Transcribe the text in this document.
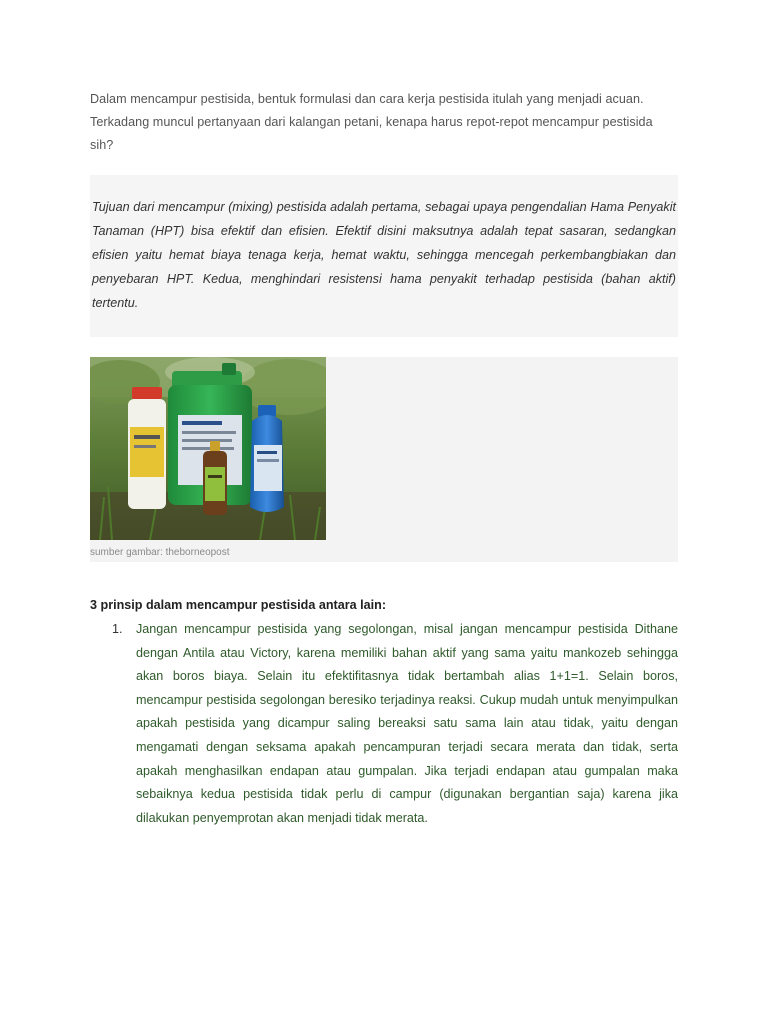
Dalam mencampur pestisida, bentuk formulasi dan cara kerja pestisida itulah yang menjadi acuan. Terkadang muncul pertanyaan dari kalangan petani, kenapa harus repot-repot mencampur pestisida sih?

Tujuan dari mencampur (mixing) pestisida adalah pertama, sebagai upaya pengendalian Hama Penyakit Tanaman (HPT) bisa efektif dan efisien. Efektif disini maksutnya adalah tepat sasaran, sedangkan efisien yaitu hemat biaya tenaga kerja, hemat waktu, sehingga mencegah perkembangbiakan dan penyebaran HPT. Kedua, menghindari resistensi hama penyakit terhadap pestisida (bahan aktif) tertentu.

sumber gambar: theborneopost

3 prinsip dalam mencampur pestisida antara lain:

1. Jangan mencampur pestisida yang segolongan, misal jangan mencampur pestisida Dithane dengan Antila atau Victory, karena memiliki bahan aktif yang sama yaitu mankozeb sehingga akan boros biaya. Selain itu efektifitasnya tidak bertambah alias 1+1=1. Selain boros, mencampur pestisida segolongan beresiko terjadinya reaksi. Cukup mudah untuk menyimpulkan apakah pestisida yang dicampur saling bereaksi satu sama lain atau tidak, yaitu dengan mengamati dengan seksama apakah pencampuran terjadi secara merata dan tidak, serta apakah menghasilkan endapan atau gumpalan. Jika terjadi endapan atau gumpalan maka sebaiknya kedua pestisida tidak perlu di campur (digunakan bergantian saja) karena jika dilakukan penyemprotan akan menjadi tidak merata.
